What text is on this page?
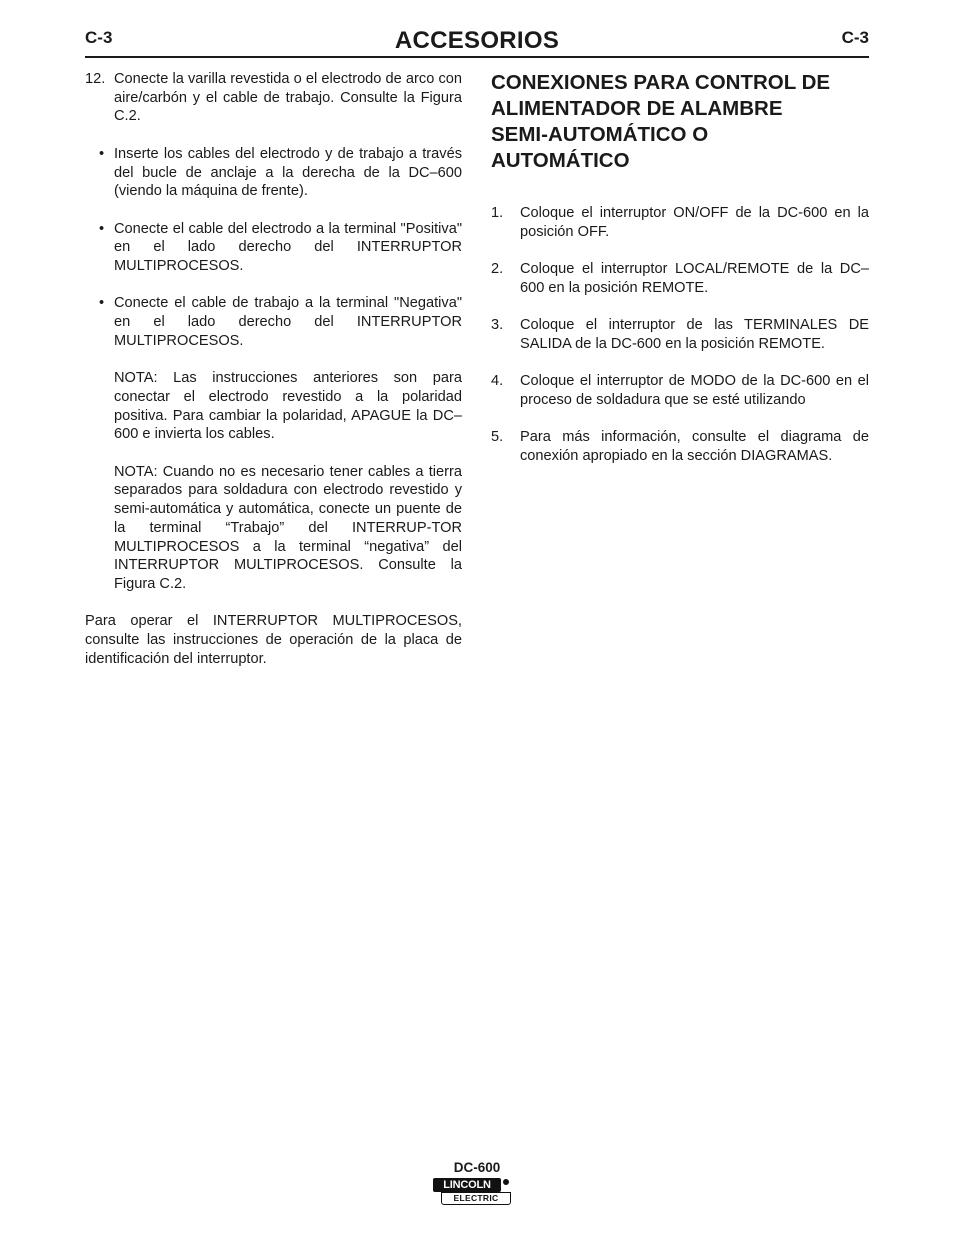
C-3	ACCESORIOS	C-3

12. Conecte la varilla revestida o el electrodo de arco con aire/carbón y el cable de trabajo. Consulte la Figura C.2.

• Inserte los cables del electrodo y de trabajo a través del bucle de anclaje a la derecha de la DC–600 (viendo la máquina de frente).

• Conecte el cable del electrodo a la terminal "Positiva" en el lado derecho del INTERRUPTOR MULTIPROCESOS.

• Conecte el cable de trabajo a la terminal "Negativa" en el lado derecho del INTERRUPTOR MULTIPROCESOS.

NOTA: Las instrucciones anteriores son para conectar el electrodo revestido a la polaridad positiva. Para cambiar la polaridad, APAGUE la DC–600 e invierta los cables.

NOTA: Cuando no es necesario tener cables a tierra separados para soldadura con electrodo revestido y semi-automática y automática, conecte un puente de la terminal “Trabajo” del INTERRUP-TOR MULTIPROCESOS a la terminal “negativa” del INTERRUPTOR MULTIPROCESOS. Consulte la Figura C.2.

Para operar el INTERRUPTOR MULTIPROCESOS, consulte las instrucciones de operación de la placa de identificación del interruptor.

CONEXIONES PARA CONTROL DE
ALIMENTADOR DE ALAMBRE
SEMI-AUTOMÁTICO O
AUTOMÁTICO

1. Coloque el interruptor ON/OFF de la DC-600 en la posición OFF.

2. Coloque el interruptor LOCAL/REMOTE de la DC–600 en la posición REMOTE.

3. Coloque el interruptor de las TERMINALES DE SALIDA de la DC-600 en la posición REMOTE.

4. Coloque el interruptor de MODO de la DC-600 en el proceso de soldadura que se esté utilizando

5. Para más información, consulte el diagrama de conexión apropiado en la sección DIAGRAMAS.

DC-600
LINCOLN
ELECTRIC
